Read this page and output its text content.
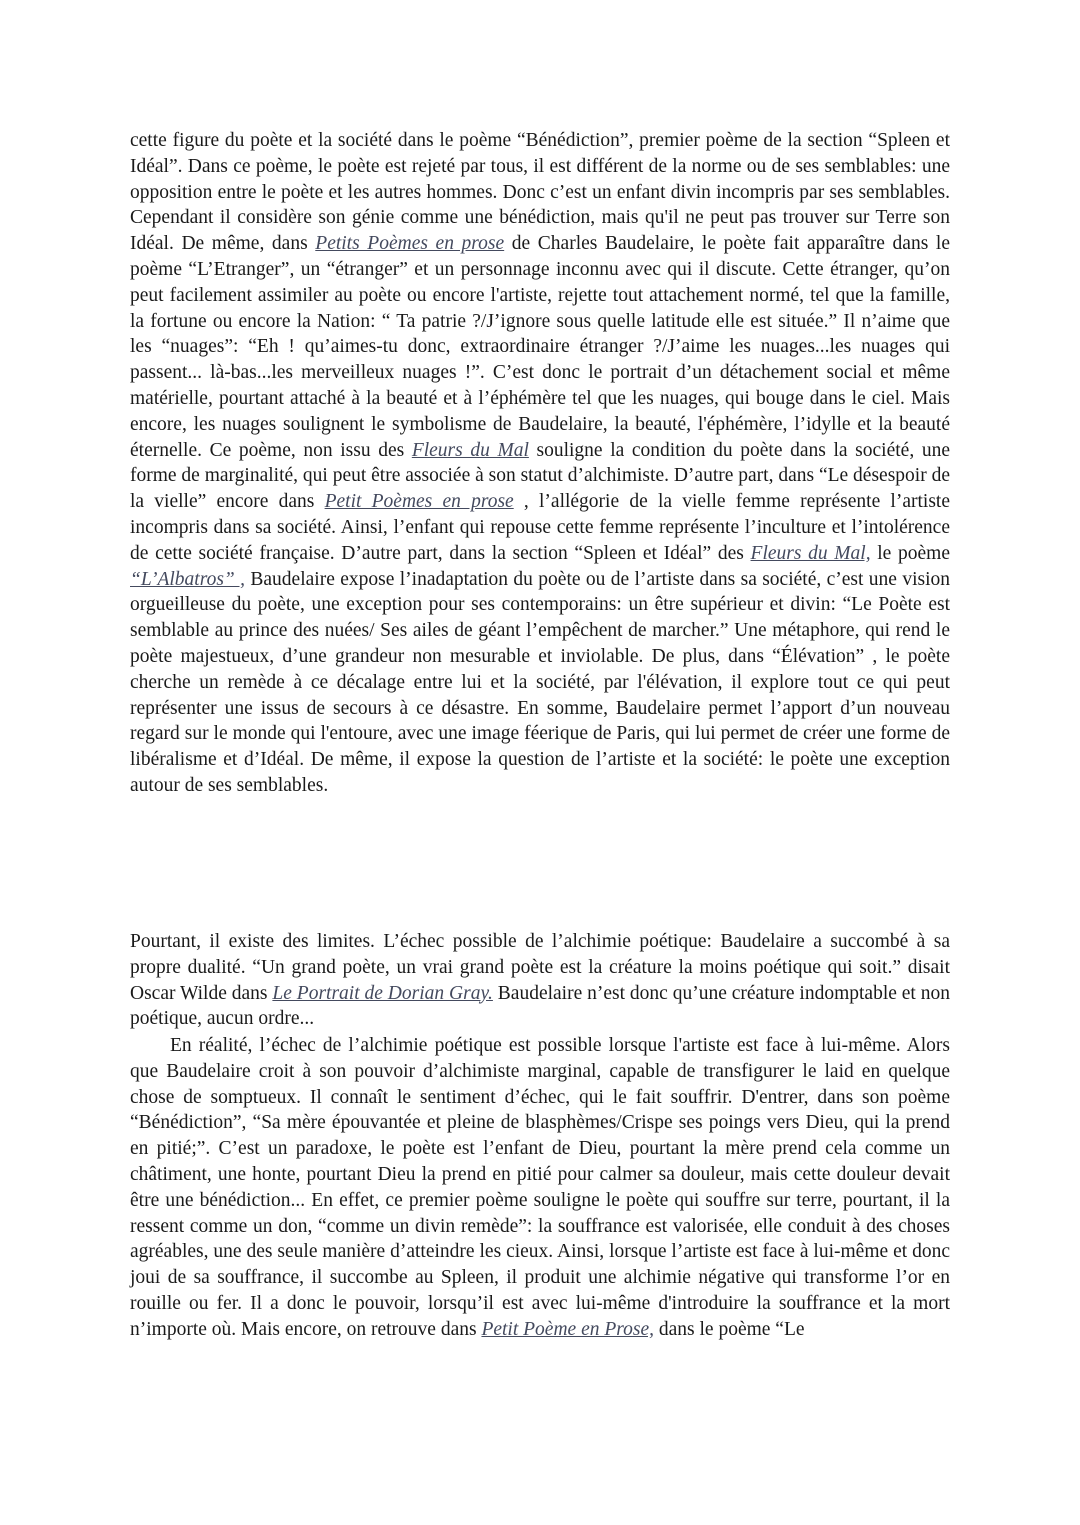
cette figure du poète et la société dans le poème “Bénédiction”, premier poème de la section “Spleen et Idéal”. Dans ce poème, le poète est rejeté par tous, il est différent de la norme ou de ses semblables: une opposition entre le poète et les autres hommes. Donc c’est un enfant divin incompris par ses semblables. Cependant il considère son génie comme une bénédiction, mais qu'il ne peut pas trouver sur Terre son Idéal. De même, dans Petits Poèmes en prose de Charles Baudelaire, le poète fait apparaître dans le poème “L’Etranger”, un “étranger” et un personnage inconnu avec qui il discute. Cette étranger, qu’on peut facilement assimiler au poète ou encore l'artiste, rejette tout attachement normé, tel que la famille, la fortune ou encore la Nation: “ Ta patrie ?/J’ignore sous quelle latitude elle est située.” Il n’aime que les “nuages”: “Eh ! qu’aimes-tu donc, extraordinaire étranger ?/J’aime les nuages...les nuages qui passent... là-bas...les merveilleux nuages !”. C’est donc le portrait d’un détachement social et même matérielle, pourtant attaché à la beauté et à l’éphémère tel que les nuages, qui bouge dans le ciel. Mais encore, les nuages soulignent le symbolisme de Baudelaire, la beauté, l'éphémère, l’idylle et la beauté éternelle. Ce poème, non issu des Fleurs du Mal souligne la condition du poète dans la société, une forme de marginalité, qui peut être associée à son statut d’alchimiste. D’autre part, dans “Le désespoir de la vielle” encore dans Petit Poèmes en prose , l’allégorie de la vielle femme représente l’artiste incompris dans sa société. Ainsi, l’enfant qui repouse cette femme représente l’inculture et l’intolérence de cette société française. D’autre part, dans la section “Spleen et Idéal” des Fleurs du Mal, le poème “L’Albatros” , Baudelaire expose l’inadaptation du poète ou de l’artiste dans sa société, c’est une vision orgueilleuse du poète, une exception pour ses contemporains: un être supérieur et divin: “Le Poète est semblable au prince des nuées/ Ses ailes de géant l’empêchent de marcher.” Une métaphore, qui rend le poète majestueux, d’une grandeur non mesurable et inviolable. De plus, dans “Élévation” , le poète cherche un remède à ce décalage entre lui et la société, par l'élévation, il explore tout ce qui peut représenter une issus de secours à ce désastre. En somme, Baudelaire permet l’apport d’un nouveau regard sur le monde qui l'entoure, avec une image féerique de Paris, qui lui permet de créer une forme de libéralisme et d’Idéal. De même, il expose la question de l’artiste et la société: le poète une exception autour de ses semblables.

Pourtant, il existe des limites. L’échec possible de l’alchimie poétique: Baudelaire a succombé à sa propre dualité. “Un grand poète, un vrai grand poète est la créature la moins poétique qui soit.” disait Oscar Wilde dans Le Portrait de Dorian Gray. Baudelaire n’est donc qu’une créature indomptable et non poétique, aucun ordre...

En réalité, l’échec de l’alchimie poétique est possible lorsque l'artiste est face à lui-même. Alors que Baudelaire croit à son pouvoir d’alchimiste marginal, capable de transfigurer le laid en quelque chose de somptueux. Il connaît le sentiment d’échec, qui le fait souffrir. D'entrer, dans son poème “Bénédiction”, “Sa mère épouvantée et pleine de blasphèmes/Crispe ses poings vers Dieu, qui la prend en pitié;”. C’est un paradoxe, le poète est l’enfant de Dieu, pourtant la mère prend cela comme un châtiment, une honte, pourtant Dieu la prend en pitié pour calmer sa douleur, mais cette douleur devait être une bénédiction... En effet, ce premier poème souligne le poète qui souffre sur terre, pourtant, il la ressent comme un don, “comme un divin remède”: la souffrance est valorisée, elle conduit à des choses agréables, une des seule manière d’atteindre les cieux. Ainsi, lorsque l’artiste est face à lui-même et donc joui de sa souffrance, il succombe au Spleen, il produit une alchimie négative qui transforme l’or en rouille ou fer. Il a donc le pouvoir, lorsqu’il est avec lui-même d'introduire la souffrance et la mort n’importe où. Mais encore, on retrouve dans Petit Poème en Prose, dans le poème “Le
